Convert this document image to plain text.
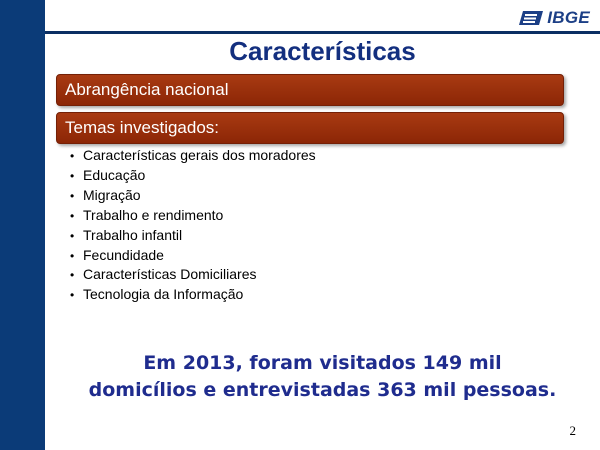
IBGE
Características
Abrangência nacional
Temas investigados:
• Características gerais dos moradores
• Educação
• Migração
• Trabalho e rendimento
• Trabalho infantil
• Fecundidade
• Características Domiciliares
• Tecnologia da Informação
Em 2013, foram visitados 149 mil
domicílios e entrevistadas 363 mil pessoas.
2
